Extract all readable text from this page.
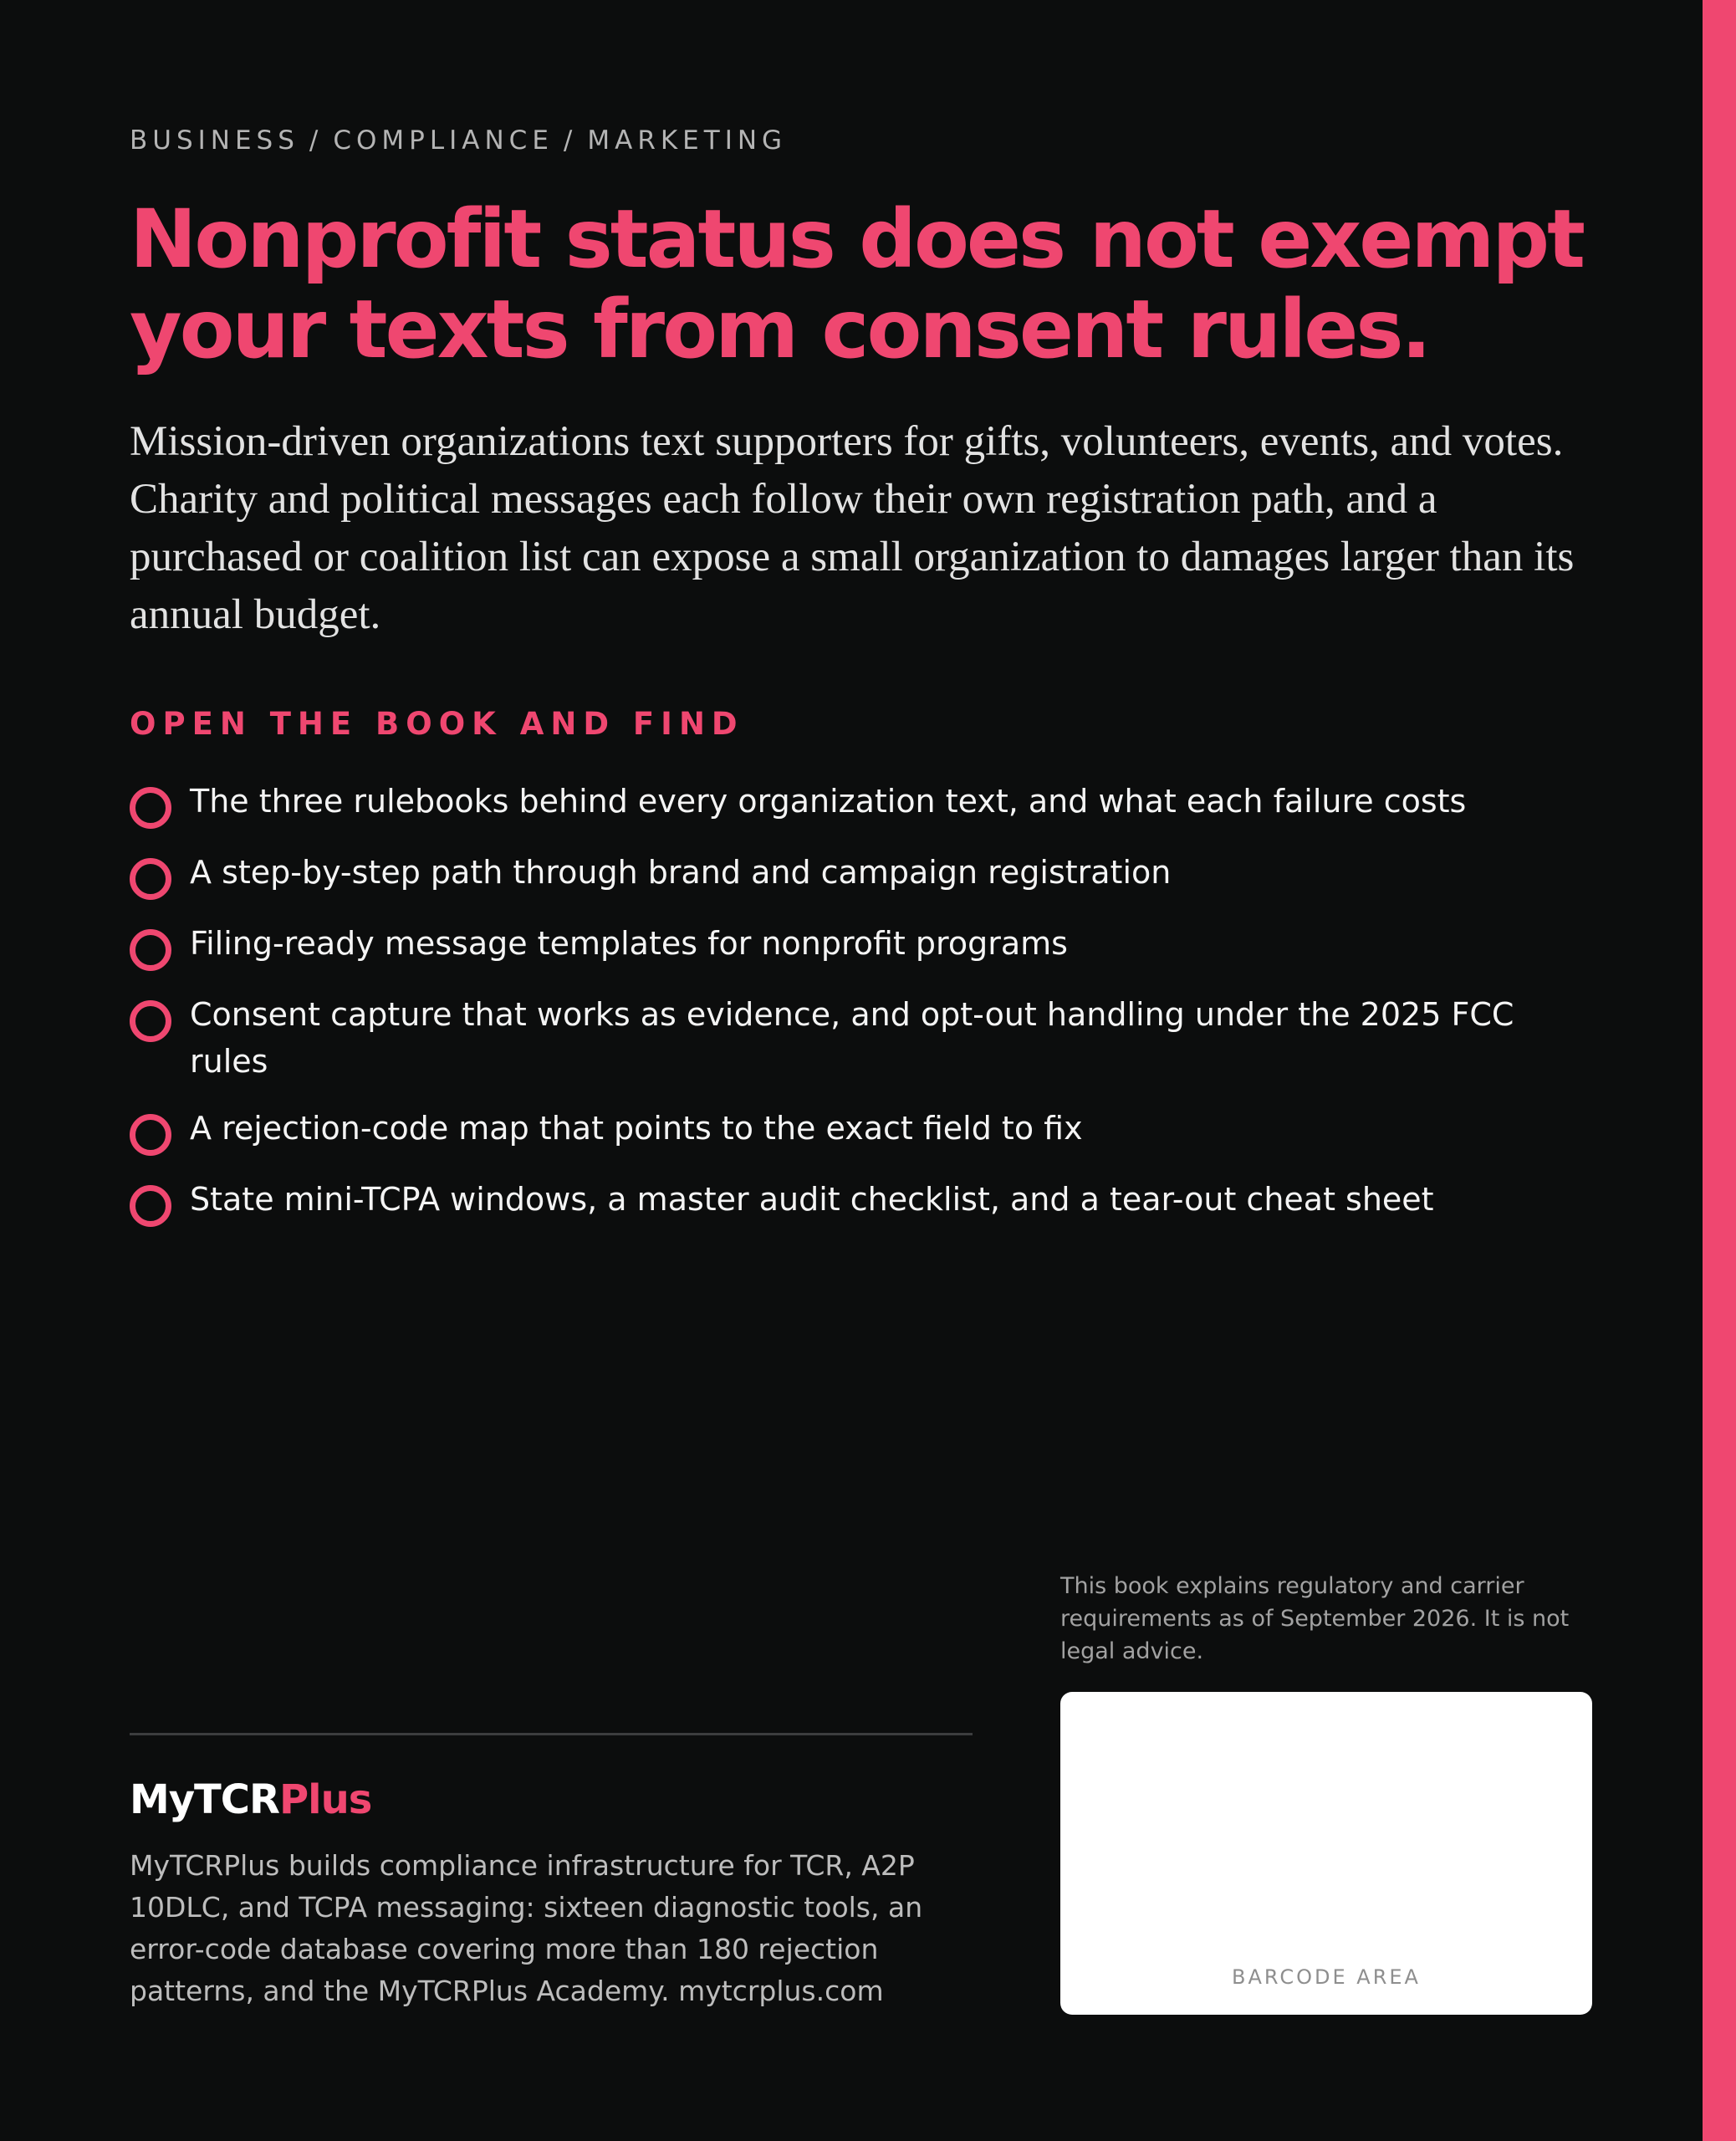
BUSINESS / COMPLIANCE / MARKETING
Nonprofit status does not exempt your texts from consent rules.

Mission-driven organizations text supporters for gifts, volunteers, events, and votes. Charity and political messages each follow their own registration path, and a purchased or coalition list can expose a small organization to damages larger than its annual budget.

OPEN THE BOOK AND FIND
The three rulebooks behind every organization text, and what each failure costs
A step-by-step path through brand and campaign registration
Filing-ready message templates for nonprofit programs
Consent capture that works as evidence, and opt-out handling under the 2025 FCC rules
A rejection-code map that points to the exact field to fix
State mini-TCPA windows, a master audit checklist, and a tear-out cheat sheet

This book explains regulatory and carrier requirements as of September 2026. It is not legal advice.

BARCODE AREA
MyTCRPlus

MyTCRPlus builds compliance infrastructure for TCR, A2P 10DLC, and TCPA messaging: sixteen diagnostic tools, an error-code database covering more than 180 rejection patterns, and the MyTCRPlus Academy. mytcrplus.com
